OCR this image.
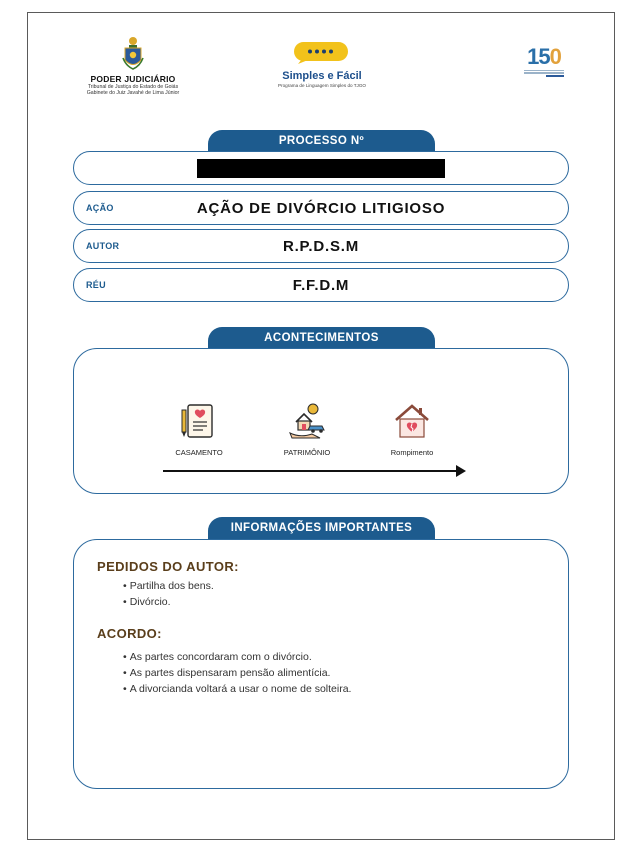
PODER JUDICIÁRIO
Tribunal de Justiça do Estado de Goiás
Gabinete do Juiz Javahé de Lima Júnior
Simples e Fácil
Programa de Linguagem Simples do TJGO
150
PROCESSO Nº
AÇÃO	AÇÃO DE DIVÓRCIO LITIGIOSO
AUTOR	R.P.D.S.M
RÉU	F.F.D.M
ACONTECIMENTOS
CASAMENTO	PATRIMÔNIO	Rompimento
INFORMAÇÕES IMPORTANTES
PEDIDOS DO AUTOR:
• Partilha dos bens.
• Divórcio.
ACORDO:
• As partes concordaram com o divórcio.
• As partes dispensaram pensão alimentícia.
• A divorcianda voltará a usar o nome de solteira.
